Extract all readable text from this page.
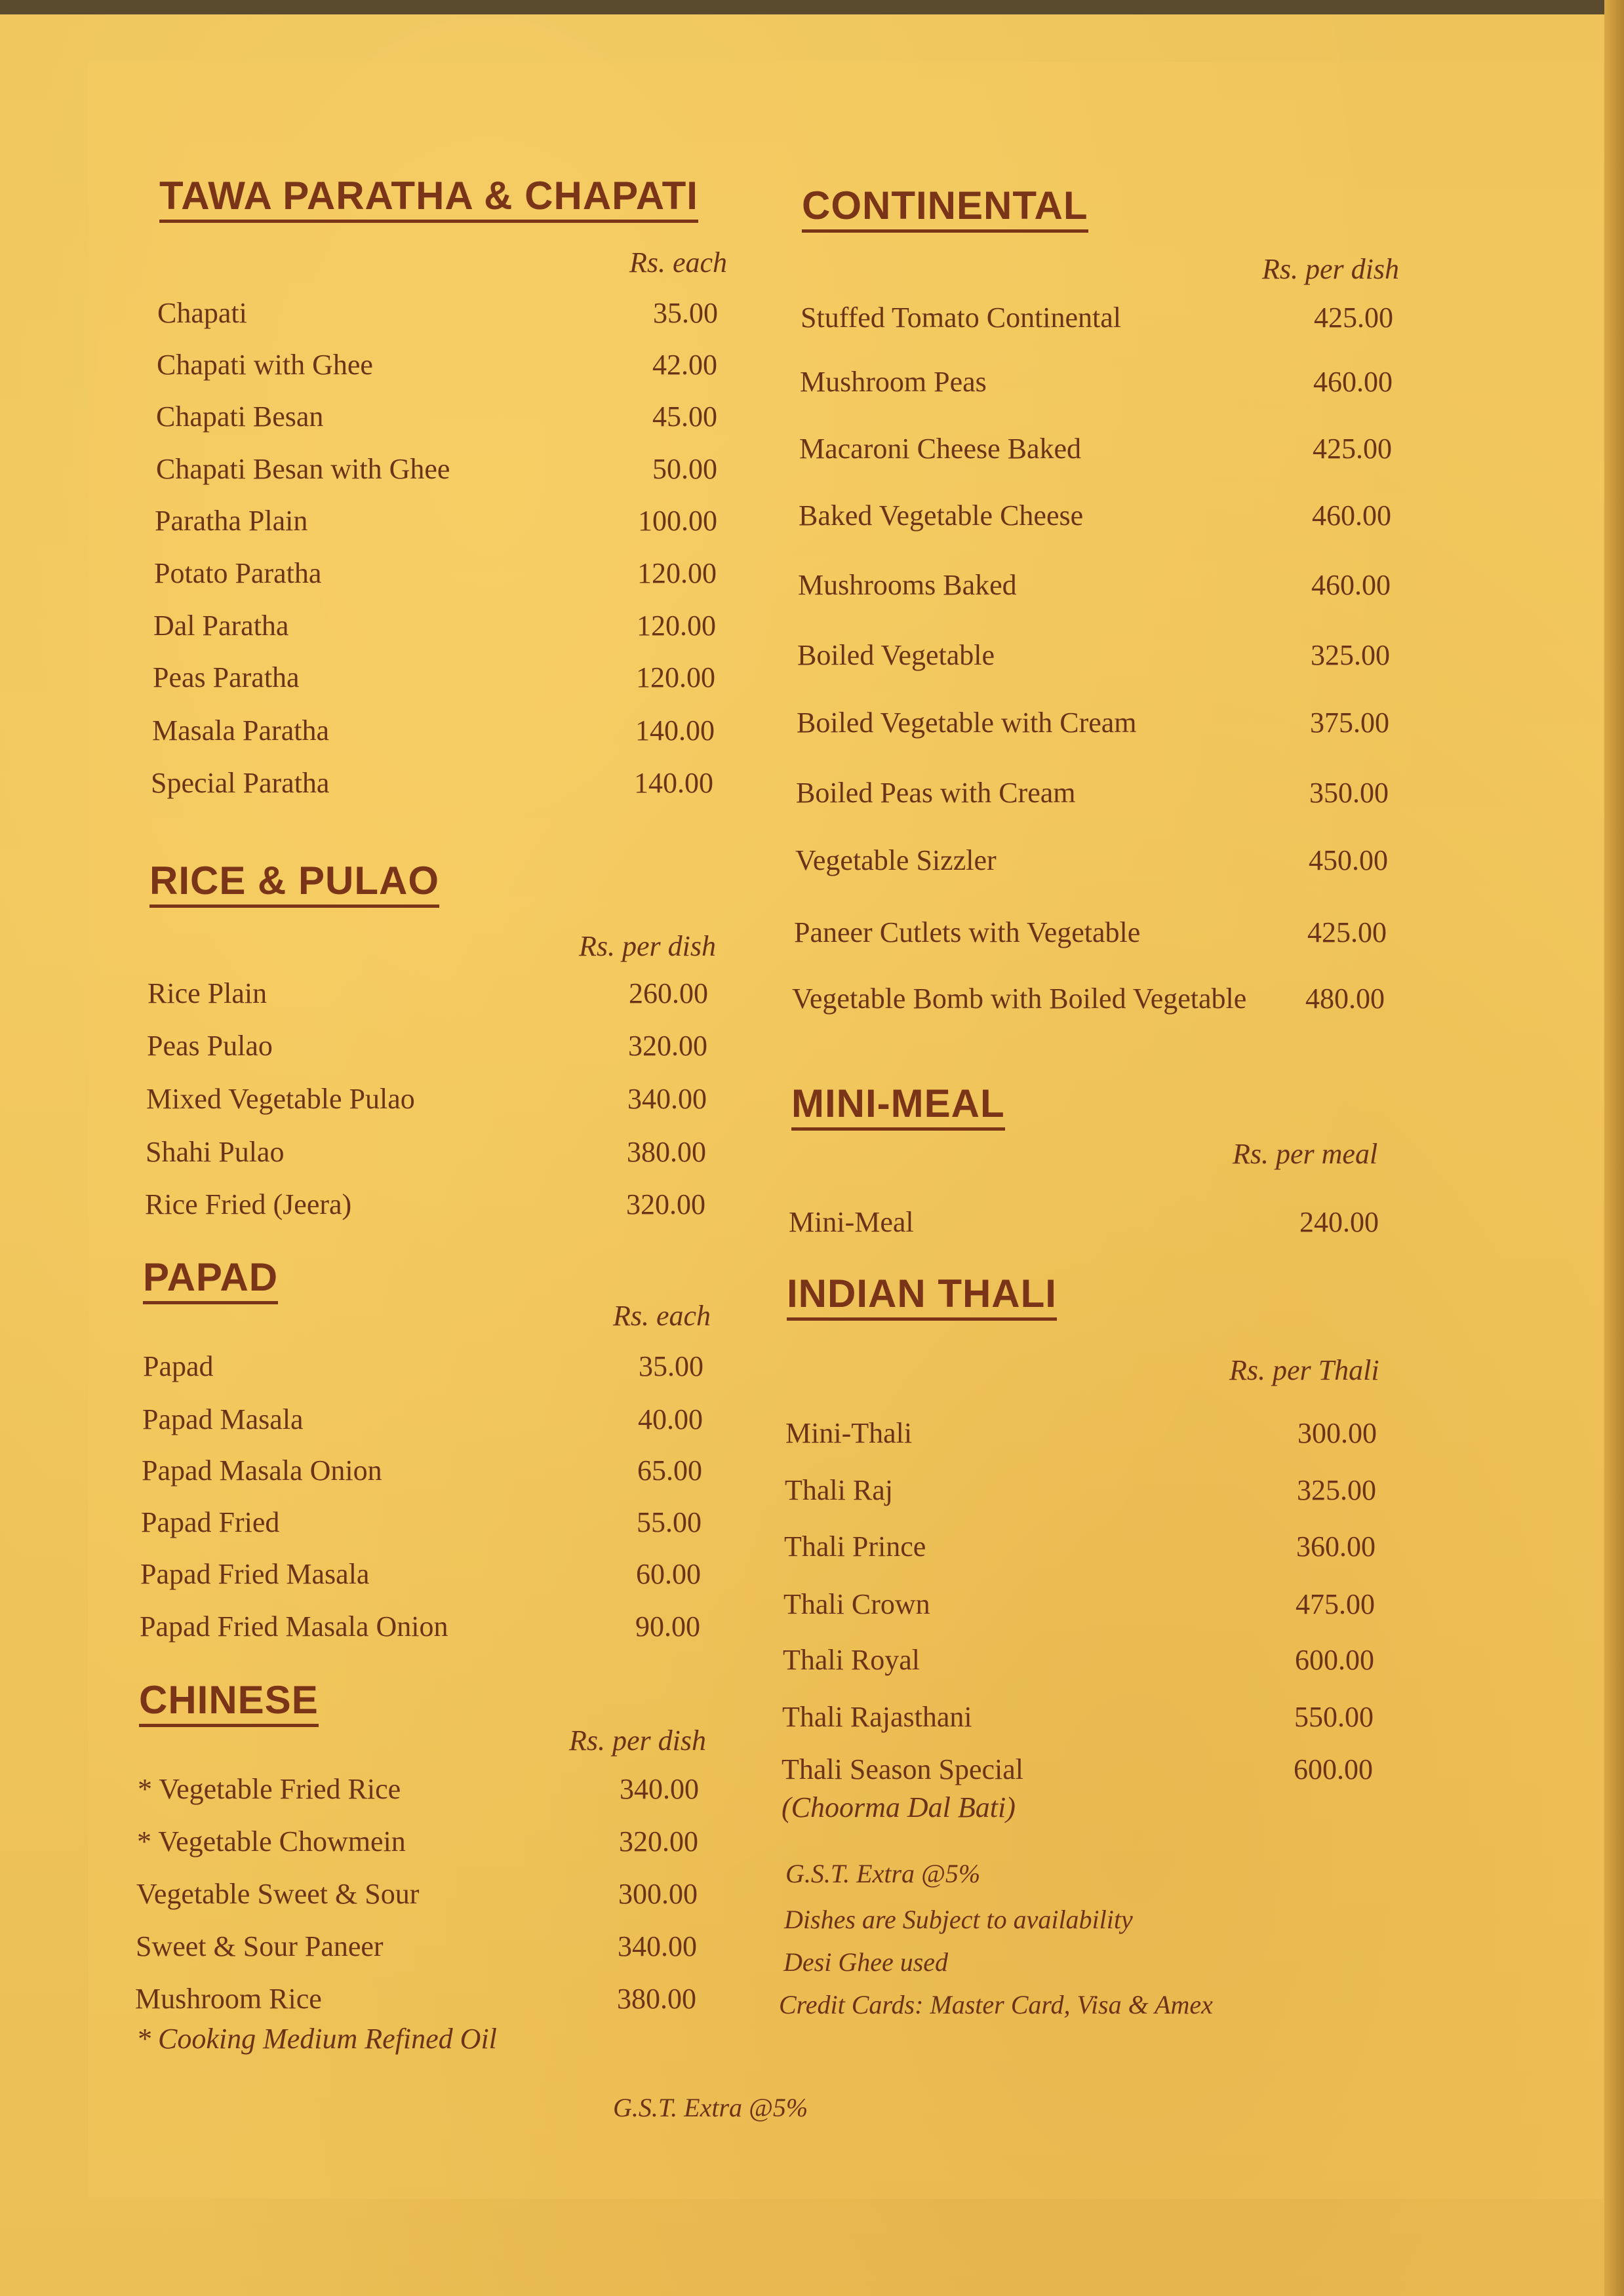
TAWA PARATHA & CHAPATI
Rs. each
Chapati	35.00
Chapati with Ghee	42.00
Chapati Besan	45.00
Chapati Besan with Ghee	50.00
Paratha Plain	100.00
Potato Paratha	120.00
Dal Paratha	120.00
Peas Paratha	120.00
Masala Paratha	140.00
Special Paratha	140.00
RICE & PULAO
Rs. per dish
Rice Plain	260.00
Peas Pulao	320.00
Mixed Vegetable Pulao	340.00
Shahi Pulao	380.00
Rice Fried (Jeera)	320.00
PAPAD
Rs. each
Papad	35.00
Papad Masala	40.00
Papad Masala Onion	65.00
Papad Fried	55.00
Papad Fried Masala	60.00
Papad Fried Masala Onion	90.00
CHINESE
Rs. per dish
* Vegetable Fried Rice	340.00
* Vegetable Chowmein	320.00
Vegetable Sweet & Sour	300.00
Sweet & Sour Paneer	340.00
Mushroom Rice	380.00
* Cooking Medium Refined Oil
CONTINENTAL
Rs. per dish
Stuffed Tomato Continental	425.00
Mushroom Peas	460.00
Macaroni Cheese Baked	425.00
Baked Vegetable Cheese	460.00
Mushrooms Baked	460.00
Boiled Vegetable	325.00
Boiled Vegetable with Cream	375.00
Boiled Peas with Cream	350.00
Vegetable Sizzler	450.00
Paneer Cutlets with Vegetable	425.00
Vegetable Bomb with Boiled Vegetable 480.00
MINI-MEAL
Rs. per meal
Mini-Meal	240.00
INDIAN THALI
Rs. per Thali
Mini-Thali	300.00
Thali Raj	325.00
Thali Prince	360.00
Thali Crown	475.00
Thali Royal	600.00
Thali Rajasthani	550.00
Thali Season Special	600.00
(Choorma Dal Bati)
G.S.T. Extra @5%
Dishes are Subject to availability
Desi Ghee used
Credit Cards: Master Card, Visa & Amex
G.S.T. Extra @5%
